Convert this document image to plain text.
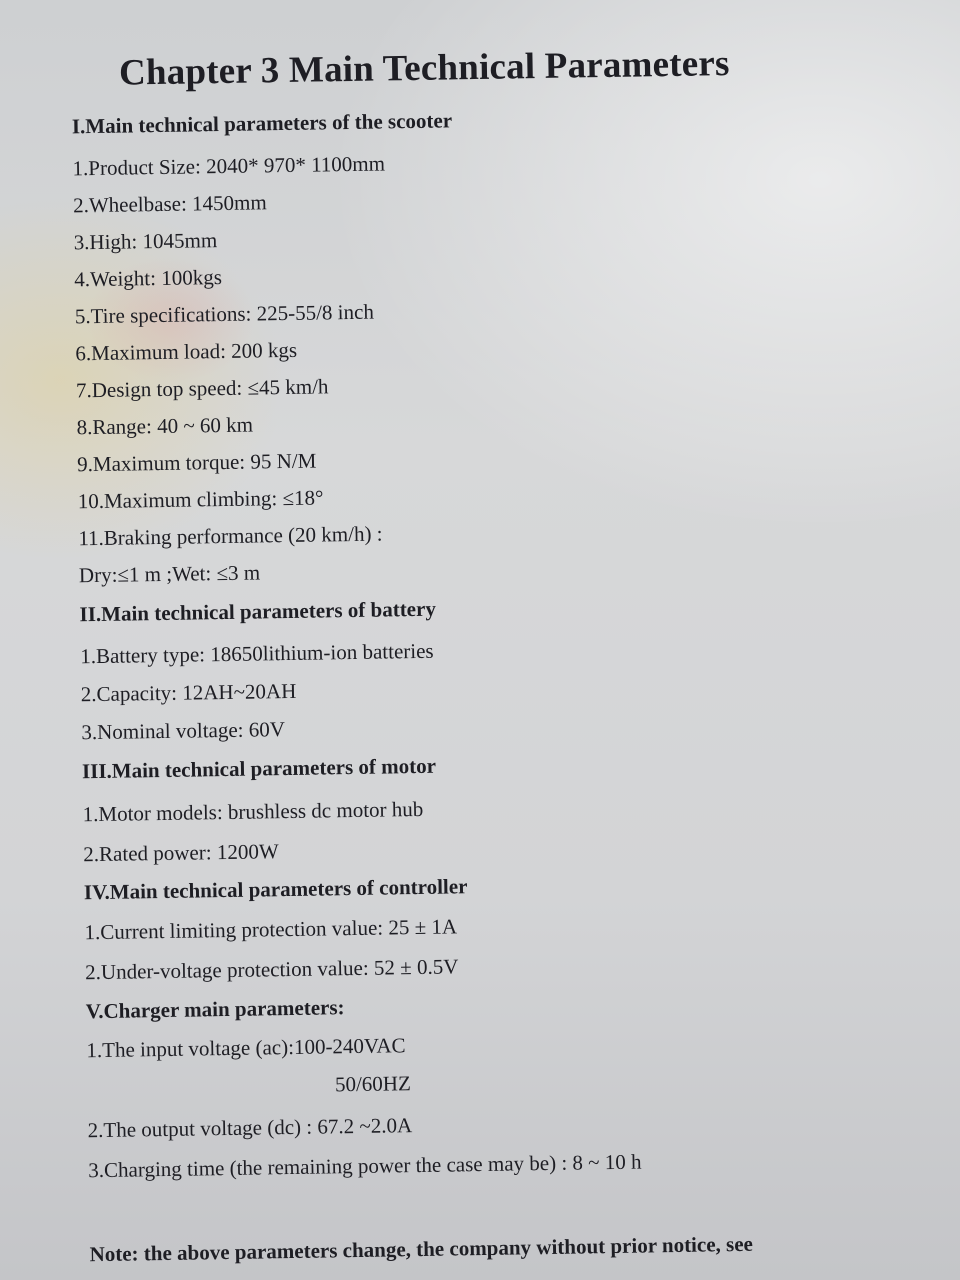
Chapter 3 Main Technical Parameters

I.Main technical parameters of the scooter

1.Product Size: 2040* 970* 1100mm

2.Wheelbase: 1450mm

3.High: 1045mm

4.Weight: 100kgs

5.Tire specifications: 225-55/8 inch

6.Maximum load: 200 kgs

7.Design top speed: ≤45 km/h

8.Range: 40 ~ 60 km

9.Maximum torque: 95 N/M

10.Maximum climbing: ≤18°

11.Braking performance (20 km/h) :

Dry:≤1 m ;Wet: ≤3 m

II.Main technical parameters of battery

1.Battery type: 18650lithium-ion batteries

2.Capacity: 12AH~20AH

3.Nominal voltage: 60V

III.Main technical parameters of motor

1.Motor models: brushless dc motor hub

2.Rated power: 1200W

IV.Main technical parameters of controller

1.Current limiting protection value: 25 ± 1A

2.Under-voltage protection value: 52 ± 0.5V

V.Charger main parameters:

1.The input voltage (ac):100-240VAC

50/60HZ

2.The output voltage (dc) : 67.2 ~2.0A

3.Charging time (the remaining power the case may be) : 8 ~ 10 h

Note: the above parameters change, the company without prior notice, see
